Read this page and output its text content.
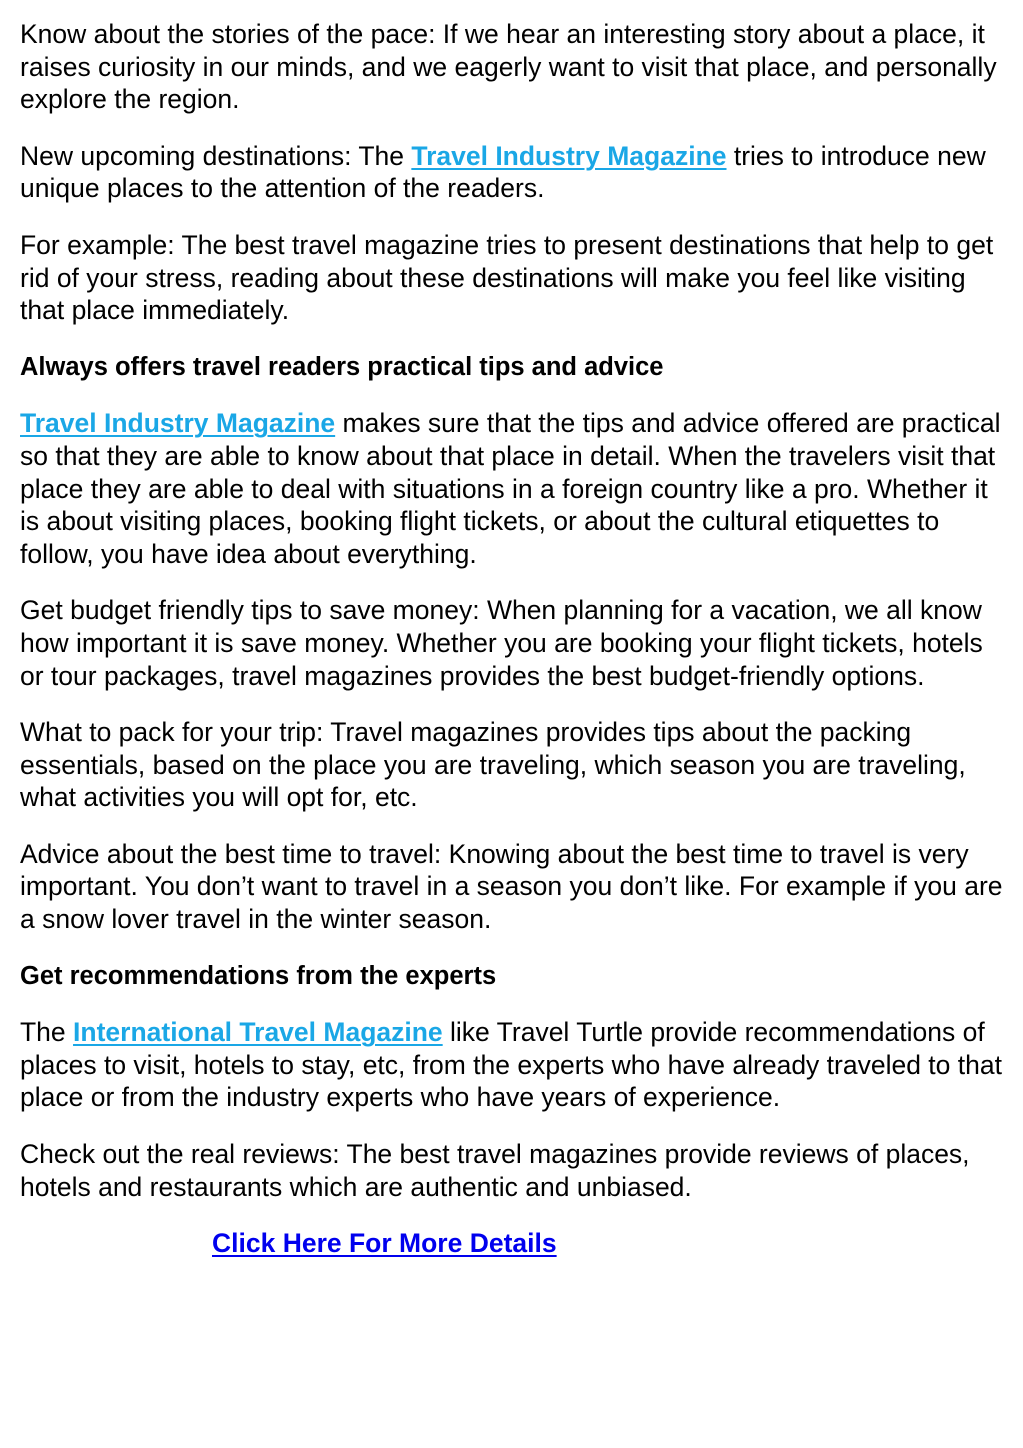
Know about the stories of the pace: If we hear an interesting story about a place, it raises curiosity in our minds, and we eagerly want to visit that place, and personally explore the region.

New upcoming destinations: The Travel Industry Magazine tries to introduce new unique places to the attention of the readers.

For example: The best travel magazine tries to present destinations that help to get rid of your stress, reading about these destinations will make you feel like visiting that place immediately.

Always offers travel readers practical tips and advice

Travel Industry Magazine makes sure that the tips and advice offered are practical so that they are able to know about that place in detail. When the travelers visit that place they are able to deal with situations in a foreign country like a pro. Whether it is about visiting places, booking flight tickets, or about the cultural etiquettes to follow, you have idea about everything.

Get budget friendly tips to save money: When planning for a vacation, we all know how important it is save money. Whether you are booking your flight tickets, hotels or tour packages, travel magazines provides the best budget-friendly options.

What to pack for your trip: Travel magazines provides tips about the packing essentials, based on the place you are traveling, which season you are traveling, what activities you will opt for, etc.

Advice about the best time to travel: Knowing about the best time to travel is very important. You don’t want to travel in a season you don’t like. For example if you are a snow lover travel in the winter season.

Get recommendations from the experts

The International Travel Magazine like Travel Turtle provide recommendations of places to visit, hotels to stay, etc, from the experts who have already traveled to that place or from the industry experts who have years of experience.

Check out the real reviews: The best travel magazines provide reviews of places, hotels and restaurants which are authentic and unbiased.

Click Here For More Details
